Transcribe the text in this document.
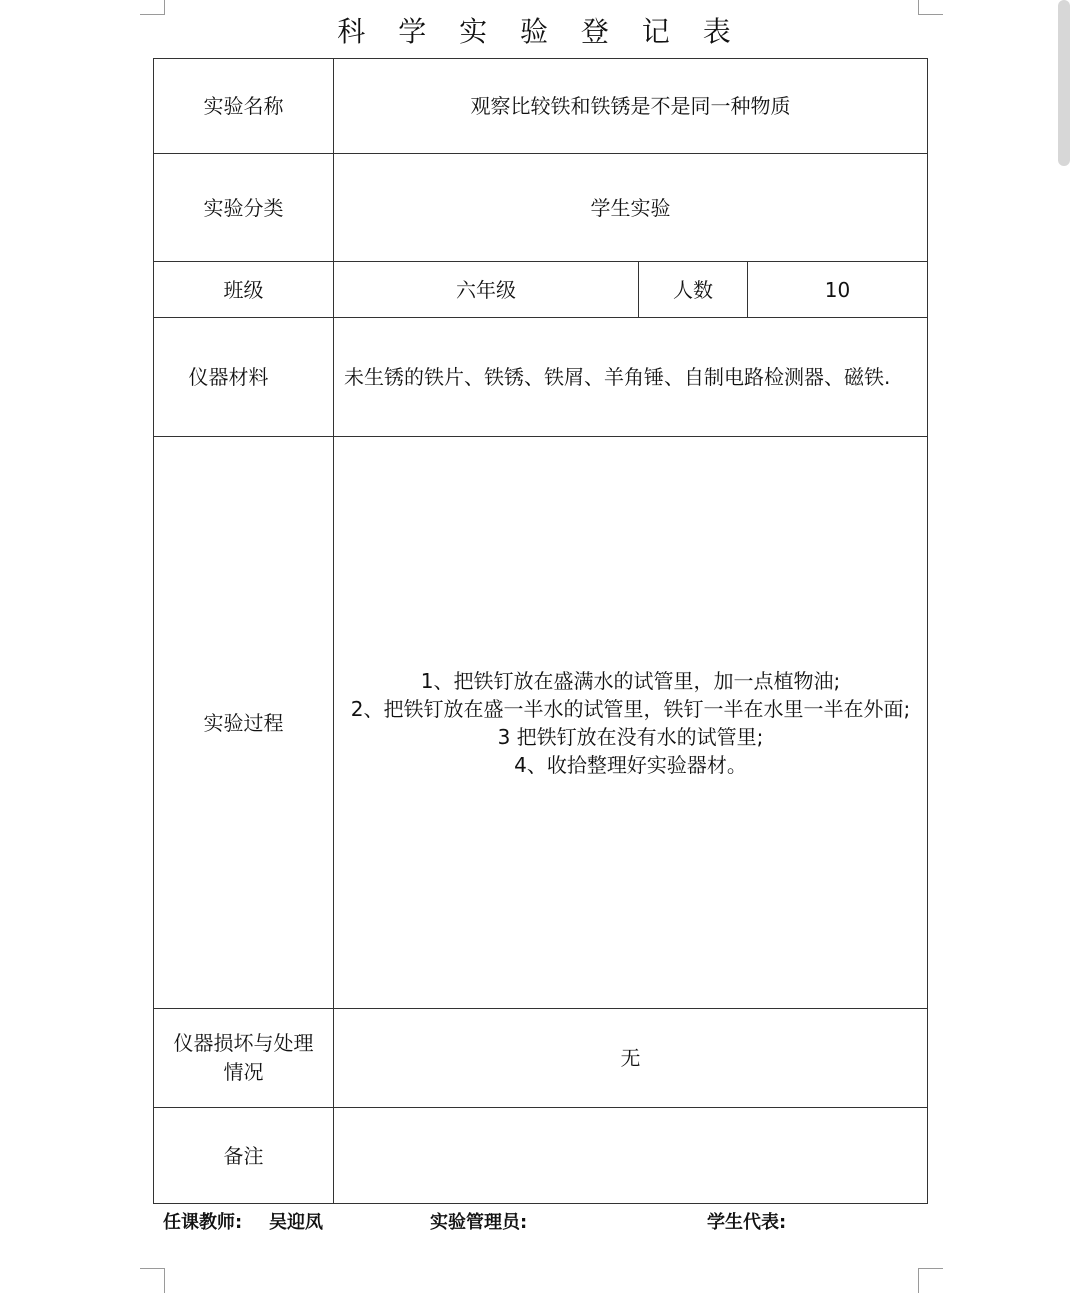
科 学 实 验 登 记 表
实验名称	观察比较铁和铁锈是不是同一种物质		
实验分类	学生实验		
班级	六年级	人数	10
仪器材料	未生锈的铁片、铁锈、铁屑、羊角锤、自制电路检测器、磁铁.		
实验过程	1、把铁钉放在盛满水的试管里，加一点植物油;
2、把铁钉放在盛一半水的试管里，铁钉一半在水里一半在外面;
3 把铁钉放在没有水的试管里;
4、收拾整理好实验器材。		

仪器损坏与处理情况	无		
备注			
任课教师: 吴迎凤	实验管理员:	学生代表:
